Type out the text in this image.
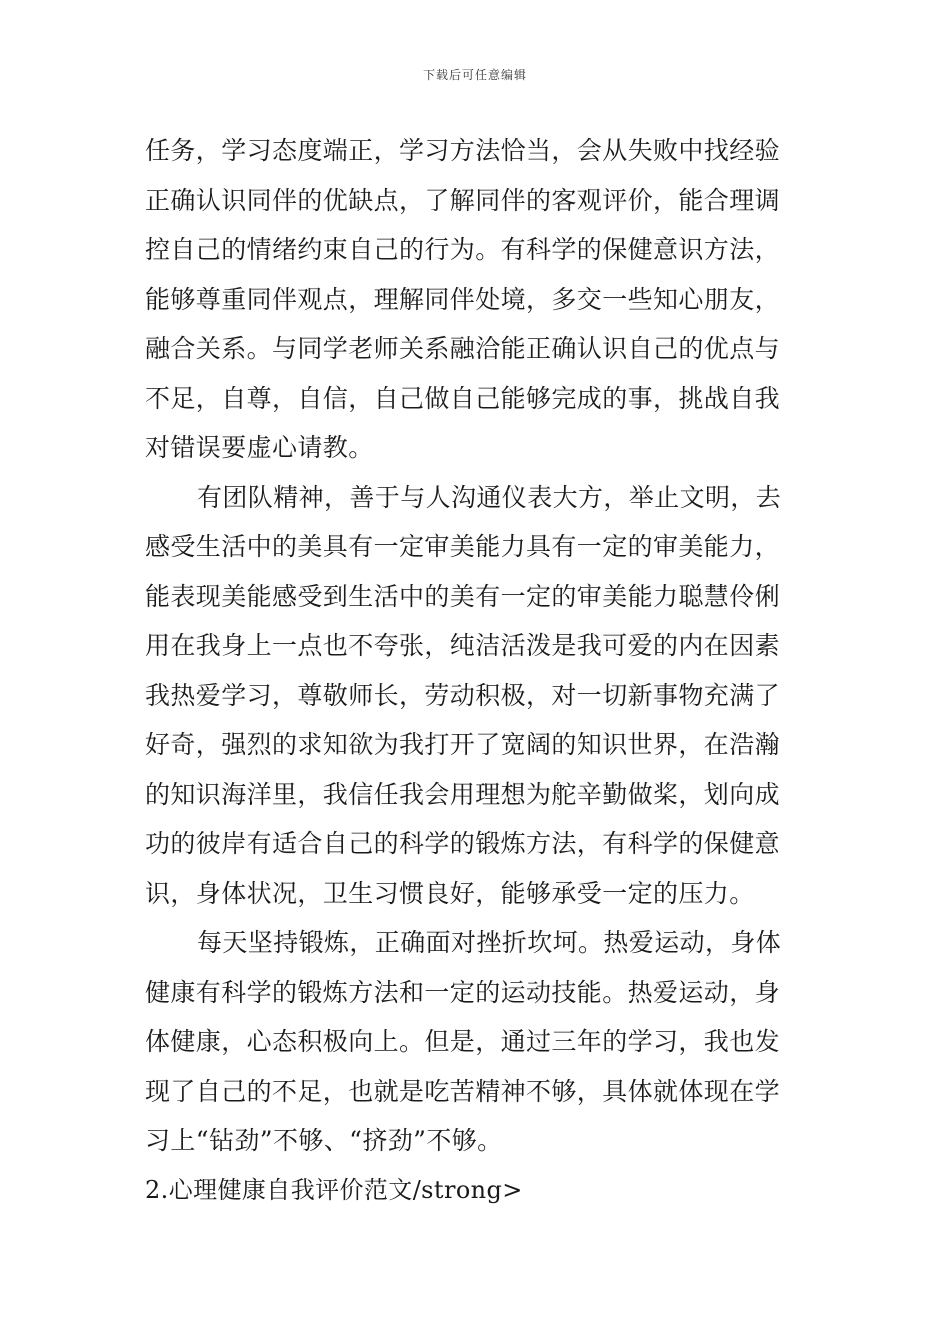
下载后可任意编辑
任务，学习态度端正，学习方法恰当，会从失败中找经验
正确认识同伴的优缺点，了解同伴的客观评价，能合理调
控自己的情绪约束自己的行为。有科学的保健意识方法，
能够尊重同伴观点，理解同伴处境，多交一些知心朋友，
融合关系。与同学老师关系融洽能正确认识自己的优点与
不足，自尊，自信，自己做自己能够完成的事，挑战自我
对错误要虚心请教。
有团队精神，善于与人沟通仪表大方，举止文明，去
感受生活中的美具有一定审美能力具有一定的审美能力，
能表现美能感受到生活中的美有一定的审美能力聪慧伶俐
用在我身上一点也不夸张，纯洁活泼是我可爱的内在因素
我热爱学习，尊敬师长，劳动积极，对一切新事物充满了
好奇，强烈的求知欲为我打开了宽阔的知识世界，在浩瀚
的知识海洋里，我信任我会用理想为舵辛勤做桨，划向成
功的彼岸有适合自己的科学的锻炼方法，有科学的保健意
识，身体状况，卫生习惯良好，能够承受一定的压力。
每天坚持锻炼，正确面对挫折坎坷。热爱运动，身体
健康有科学的锻炼方法和一定的运动技能。热爱运动，身
体健康，心态积极向上。但是，通过三年的学习，我也发
现了自己的不足，也就是吃苦精神不够，具体就体现在学
习上“钻劲”不够、“挤劲”不够。
2.心理健康自我评价范文/strong>
